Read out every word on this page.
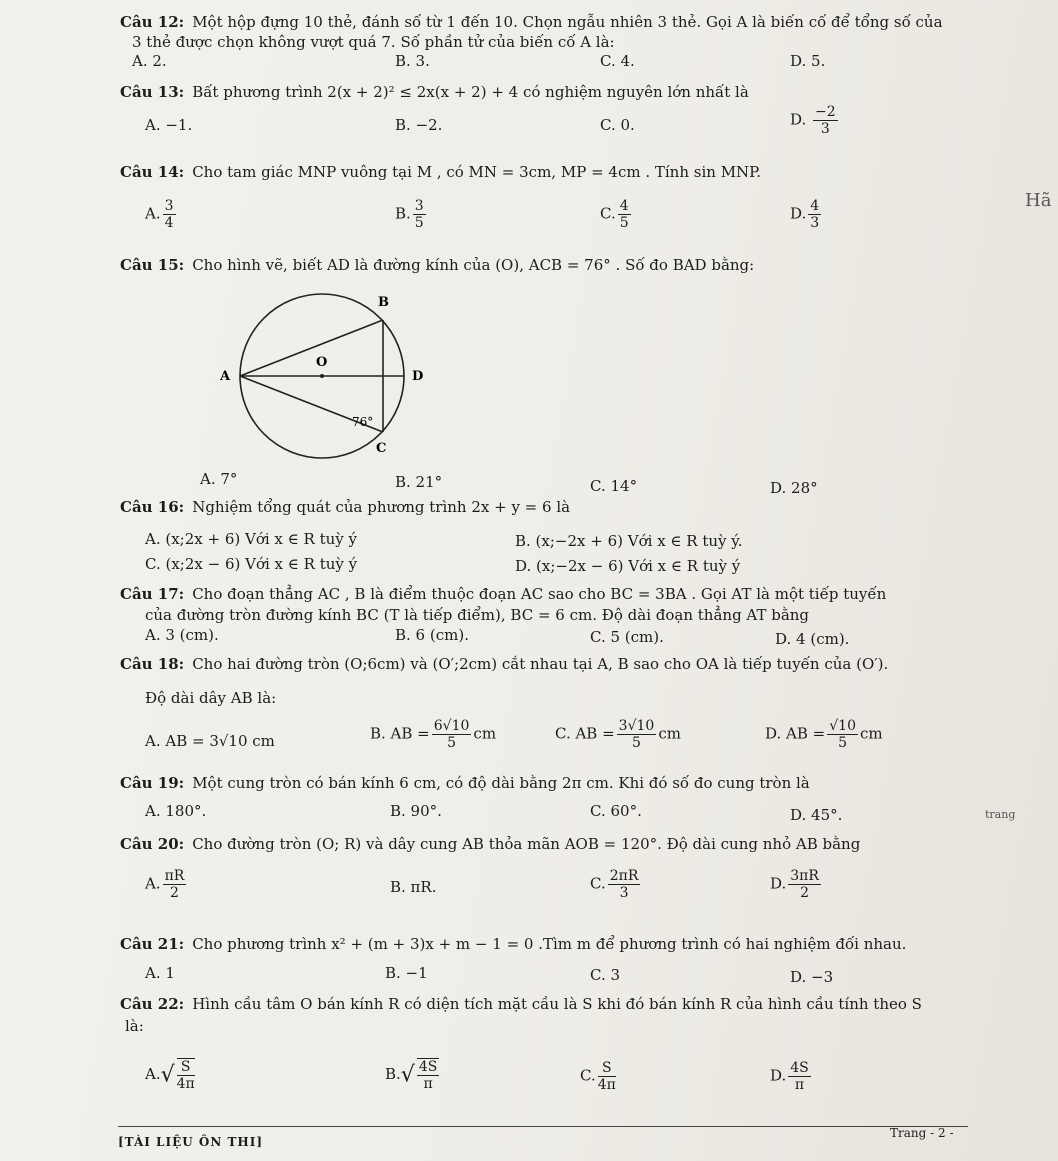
Câu 12: Một hộp đựng 10 thẻ, đánh số từ 1 đến 10. Chọn ngẫu nhiên 3 thẻ. Gọi A là biến cố để tổng số của
3 thẻ được chọn không vượt quá 7. Số phần tử của biến cố A là:
A. 2.	B. 3.	C. 4.	D. 5.
Câu 13: Bất phương trình 2(x + 2)² ≤ 2x(x + 2) + 4 có nghiệm nguyên lớn nhất là
A. −1.	B. −2.	C. 0.	D. $\frac{-2}{3}$
Câu 14: Cho tam giác MNP vuông tại M , có MN = 3cm, MP = 4cm . Tính sin MNP.
A. $\frac{3}{4}$	B. $\frac{3}{5}$	C. $\frac{4}{5}$	D. $\frac{4}{3}$	Hã
Câu 15: Cho hình vẽ, biết AD là đường kính của (O), ACB = 76° . Số đo BAD bằng:
B
A
O
D
C
76°
A. 7°	B. 21°	C. 14°	D. 28°
Câu 16: Nghiệm tổng quát của phương trình 2x + y = 6 là
A. (x;2x + 6) Với x ∈ R tuỳ ý	B. (x;−2x + 6) Với x ∈ R tuỳ ý.
C. (x;2x − 6) Với x ∈ R tuỳ ý	D. (x;−2x − 6) Với x ∈ R tuỳ ý
Câu 17: Cho đoạn thẳng AC , B là điểm thuộc đoạn AC sao cho BC = 3BA . Gọi AT là một tiếp tuyến
của đường tròn đường kính BC (T là tiếp điểm), BC = 6 cm. Độ dài đoạn thẳng AT bằng
A. 3 (cm).	B. 6 (cm).	C. 5 (cm).	D. 4 (cm).
Câu 18: Cho hai đường tròn (O;6cm) và (O′;2cm) cắt nhau tại A, B sao cho OA là tiếp tuyến của (O′).
Độ dài dây AB là:
A. AB = 3√10 cm	B. AB = $\frac{6√10}{5}$ cm	C. AB = $\frac{3√10}{5}$ cm	D. AB = $\frac{√10}{5}$ cm
Câu 19: Một cung tròn có bán kính 6 cm, có độ dài bằng 2π cm. Khi đó số đo cung tròn là
A. 180°.	B. 90°.	C. 60°.	D. 45°.	trang
Câu 20: Cho đường tròn (O; R) và dây cung AB thỏa mãn AOB = 120°. Độ dài cung nhỏ AB bằng
A. $\frac{\pi R}{2}$	B. πR.	C. $\frac{2\pi R}{3}$	D. $\frac{3\pi R}{2}$
Câu 21: Cho phương trình x² + (m + 3)x + m − 1 = 0 .Tìm m để phương trình có hai nghiệm đối nhau.
A. 1	B. −1	C. 3	D. −3
Câu 22: Hình cầu tâm O bán kính R có diện tích mặt cầu là S khi đó bán kính R của hình cầu tính theo S
là:
$A.√ \frac{S}{4\pi}$	$B.√ \frac{4S}{\pi}$	C. $\frac{S}{4\pi}$	D. $\frac{4S}{\pi}$
[TÀI LIỆU ÔN THI]
Trang - 2 -
